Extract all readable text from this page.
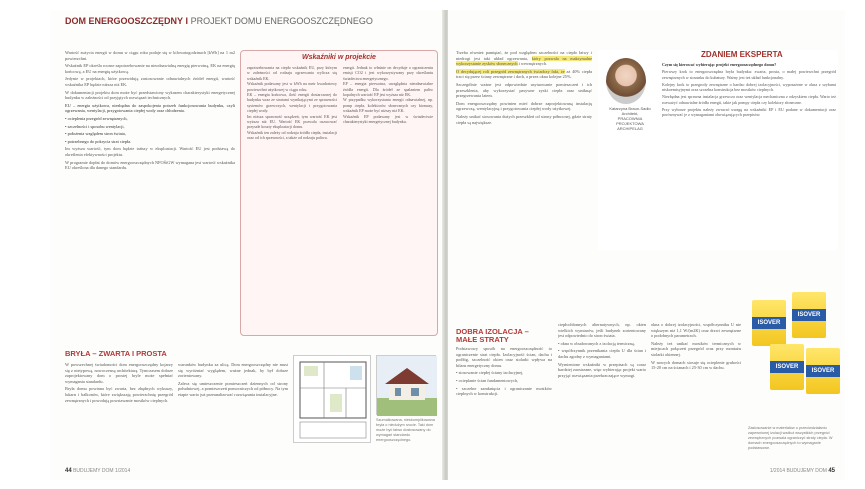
DOM ENERGOOSZCZĘDNY I PROJEKT DOMU ENERGOOSZCZĘDNEGO

Wartość zużycia energii w domu w ciągu roku podaje się w kilowatogodzinach [kWh] na 1 m2 powierzchni.

Wskaźnik EP określa roczne zapotrzebowanie na nieodnawialną energię pierwotną, EK na energię końcową, a EU na energię użytkową.

Jedynie w projektach, które przewidują zastosowanie odnawialnych źródeł energii, wartość wskaźnika EP będzie niższa niż EK.

W dokumentacji projektu dom może być przedstawiony wykazem charakterystyki energetycznej budynku w zależności od przyjętych rozwiązań technicznych.

EU – energia użytkowa, niezbędna do zaspokojenia potrzeb funkcjonowania budynku, czyli ogrzewania, wentylacji, przygotowania ciepłej wody oraz chłodzenia.

• ocieplenia przegród zewnętrznych,

• szczelności i sposobu wentylacji,

• położenia względem stron świata,

• potrzebnego do pokrycia strat ciepła.

Im wyższa wartość, tym dom będzie tańszy w eksploatacji. Wartość EU jest podstawą do określenia efektywności projektu.

W programie dopłat do domów energooszczędnych NFOŚiGW wymagana jest wartość wskaźnika EU określona dla danego standardu.

Wskaźniki w projekcie

zapotrzebowania na ciepło wskaźnik EU, przy którym w zależności od rodzaju ogrzewania wylicza się wskaźnik EK.

Wskaźnik podawany jest w kWh na metr kwadratowy powierzchni użytkowej w ciągu roku.

EK – energia końcowa, ilość energii dostarczonej do budynku wraz ze stratami wynikającymi ze sprawności systemów grzewczych, wentylacji i przygotowania ciepłej wody.

Im niższa sprawność urządzeń, tym wartość EK jest wyższa niż EU. Wartość EK pozwala oszacować przyszłe koszty eksploatacji domu.

Wskaźnik ten zależy od rodzaju źródła ciepła, instalacji oraz od ich sprawności, a także od rodzaju paliwa.

energii. Jednak to właśnie on decyduje o ograniczeniu emisji CO2 i jest wykorzystywany przy określaniu świadectwa energetycznego.

EP – energia pierwotna, uwzględnia nieodnawialne źródła energii. Dla źródeł ze spalaniem paliw kopalnych wartość EP jest wyższa niż EK.

W przypadku wykorzystania energii odnawialnej, np. pomp ciepła, kolektorów słonecznych czy biomasy, wskaźnik EP może być niższy niż EK.

Wskaźnik EP podawany jest w świadectwie charakterystyki energetycznej budynku.

BRYŁA – ZWARTA I PROSTA

W powszechnej świadomości dom energooszczędny kojarzy się z nietypową, nowoczesną architekturą. Tymczasem dobrze zaprojektowany dom o prostej bryle może spełniać wymagania standardu.

Bryła domu powinna być zwarta, bez zbędnych wykuszy, lukarn i balkonów, które zwiększają powierzchnię przegród zewnętrznych i powodują powstawanie mostków cieplnych.

warunków budynku za ulicą. Dom energooszczędny nie musi się wyróżniać wyglądem, ważne jednak, by był dobrze zorientowany.

Zaleca się umieszczenie pomieszczeń dziennych od strony południowej, a pomieszczeń pomocniczych od północy. Na tym etapie warto już przeanalizować rozwiązania instalacyjne.

Szumalkowana, nieskomplikowana bryła o niedużym rzucie. Taki dom może być łatwo dostosowany do wymagań standardu energooszczędnego.
44 BUDUJEMY DOM 1/2014

Trzeba również pamiętać, że pod względem szczelności na ciepło łatwy i niedrogi jest taki układ ogrzewania, który pozwala na maksymalne wykorzystanie zysków słonecznych i wewnętrznych.

O decydującej roli przegród zewnętrznych świadczy fakt, że aż 40% ciepła traci się przez ściany zewnętrzne i dach, a przez okna kolejne 25%.

Szczególnie ważne jest odpowiednie usytuowanie pomieszczeń i ich przeszklenia, aby wykorzystać pasywne zyski ciepła oraz uniknąć przegrzewania latem.

Dom energooszczędny powinien mieć dobrze zaprojektowaną instalację ogrzewczą, wentylacyjną i przygotowania ciepłej wody użytkowej.

Należy unikać stosowania dużych przeszkleń od strony północnej, gdzie straty ciepła są największe.

Katarzyna Braun-Sadło
Architekt,
PRACOWNIA
PROJEKTOWA
ARCHIPELAG
ZDANIEM EKSPERTA

Czym się kierować wybierając projekt energooszczędnego domu?

Pierwszy krok to energooszczędna bryła budynku: zwarta, prosta, o małej powierzchni przegród zewnętrznych w stosunku do kubatury. Ważny jest też układ funkcjonalny.

Kolejny krok to przegrody zewnętrzne o bardzo dobrej izolacyjności, wyposażone w okna z szybami niskoemisyjnymi oraz szczelna konstrukcja bez mostków cieplnych.

Niezbędna jest sprawna instalacja grzewcza oraz wentylacja mechaniczna z odzyskiem ciepła. Warto też rozważyć odnawialne źródła energii, takie jak pompy ciepła czy kolektory słoneczne.

Przy wyborze projektu należy zwracać uwagę na wskaźniki EP i EU podane w dokumentacji oraz porównywać je z wymaganiami obowiązujących przepisów.

DOBRA IZOLACJA – MAŁE STRATY

Podstawowy sposób na energooszczędność to ograniczenie strat ciepła. Izolacyjność ścian, dachu i podłóg, szczelność okien oraz stolarki wpływa na bilans energetyczny domu.

• stosowanie ciepłej ściany izolacyjnej,

• ocieplanie ścian fundamentowych,

• szczelne zamknięcia i ograniczanie mostków cieplnych w konstrukcji.

ciepłochłonnych alternatywnych, np. okien wielkich wymiarów, jeśli budynek zorientowany jest odpowiednio do stron świata.

• okna w obudowanych z izolacją termiczną,

• współczynnik przenikania ciepła U dla ścian i dachu zgodny z wymaganiami.

Wymienione wskaźniki w przepisach są coraz bardziej zaostrzane, więc wybierając projekt warto przyjąć rozwiązania przekraczające wymogi.

okna o dobrej izolacyjności, współczynniku U nie większym niż 1,1 W/(m2K) oraz drzwi zewnętrzne o podobnych parametrach.

Należy też unikać mostków termicznych w miejscach połączeń przegród oraz przy montażu stolarki okiennej.

W nowych domach stosuje się ocieplenie grubości 15-20 cm na ścianach i 25-30 cm w dachu.

ISOVER
ISOVER
ISOVER
ISOVER
Zastosowanie w materiałów o przeciwdziałaniu zapewnionej izolacji wzdłuż wszystkich przegród zewnętrznych pozwala ograniczyć straty ciepła. W domach energooszczędnych to wymaganie podstawowe.
1/2014 BUDUJEMY DOM 45
